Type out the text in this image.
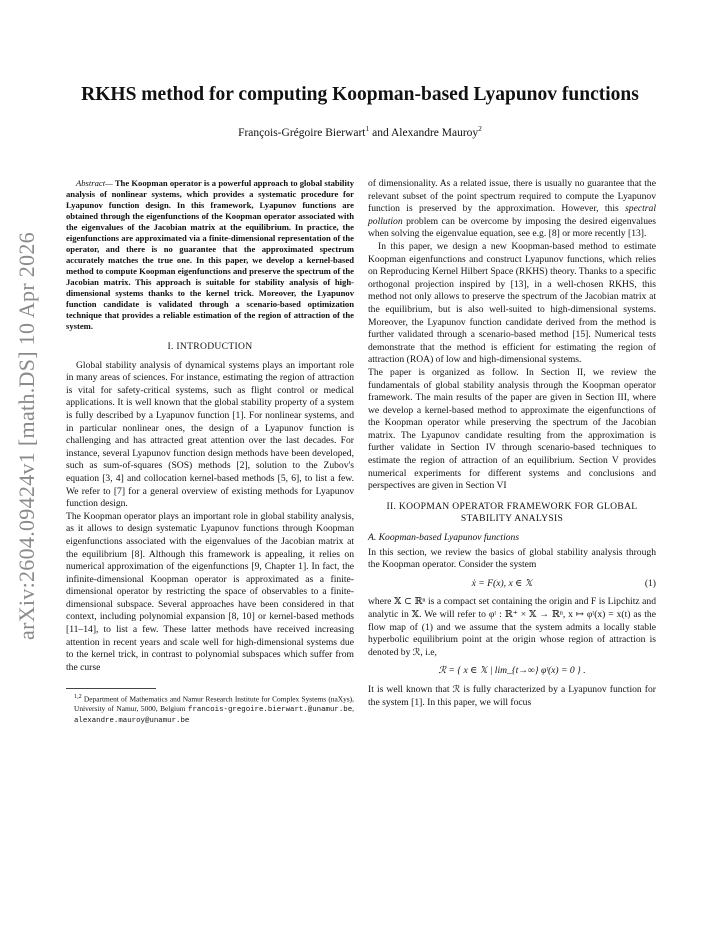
arXiv:2604.09424v1 [math.DS] 10 Apr 2026
RKHS method for computing Koopman-based Lyapunov functions
François-Grégoire Bierwart$^1$ and Alexandre Mauroy$^2$

Abstract— The Koopman operator is a powerful approach to global stability analysis of nonlinear systems, which provides a systematic procedure for Lyapunov function design. In this framework, Lyapunov functions are obtained through the eigenfunctions of the Koopman operator associated with the eigenvalues of the Jacobian matrix at the equilibrium. In practice, the eigenfunctions are approximated via a finite-dimensional representation of the operator, and there is no guarantee that the approximated spectrum accurately matches the true one. In this paper, we develop a kernel-based method to compute Koopman eigenfunctions and preserve the spectrum of the Jacobian matrix. This approach is suitable for stability analysis of high-dimensional systems thanks to the kernel trick. Moreover, the Lyapunov function candidate is validated through a scenario-based optimization technique that provides a reliable estimation of the region of attraction of the system.

I. INTRODUCTION

Global stability analysis of dynamical systems plays an important role in many areas of sciences. For instance, estimating the region of attraction is vital for safety-critical systems, such as flight control or medical applications. It is well known that the global stability property of a system is fully described by a Lyapunov function [1]. For nonlinear systems, and in particular nonlinear ones, the design of a Lyapunov function is challenging and has attracted great attention over the last decades. For instance, several Lyapunov function design methods have been developed, such as sum-of-squares (SOS) methods [2], solution to the Zubov's equation [3, 4] and collocation kernel-based methods [5, 6], to list a few. We refer to [7] for a general overview of existing methods for Lyapunov function design.

The Koopman operator plays an important role in global stability analysis, as it allows to design systematic Lyapunov functions through Koopman eigenfunctions associated with the eigenvalues of the Jacobian matrix at the equilibrium [8]. Although this framework is appealing, it relies on numerical approximation of the eigenfunctions [9, Chapter 1]. In fact, the infinite-dimensional Koopman operator is approximated as a finite-dimensional operator by restricting the space of observables to a finite-dimensional subspace. Several approaches have been considered in that context, including polynomial expansion [8, 10] or kernel-based methods [11–14], to list a few. These latter methods have received increasing attention in recent years and scale well for high-dimensional systems due to the kernel trick, in contrast to polynomial subspaces which suffer from the curse

$^{1,2}$ Department of Mathematics and Namur Research Institute for Complex Systems (naXys), University of Namur, 5000, Belgium francois-gregoire.bierwart.@unamur.be, alexandre.mauroy@unamur.be

of dimensionality. As a related issue, there is usually no guarantee that the relevant subset of the point spectrum required to compute the Lyapunov function is preserved by the approximation. However, this spectral pollution problem can be overcome by imposing the desired eigenvalues when solving the eigenvalue equation, see e.g. [8] or more recently [13].

In this paper, we design a new Koopman-based method to estimate Koopman eigenfunctions and construct Lyapunov functions, which relies on Reproducing Kernel Hilbert Space (RKHS) theory. Thanks to a specific orthogonal projection inspired by [13], in a well-chosen RKHS, this method not only allows to preserve the spectrum of the Jacobian matrix at the equilibrium, but is also well-suited to high-dimensional systems. Moreover, the Lyapunov function candidate derived from the method is further validated through a scenario-based method [15]. Numerical tests demonstrate that the method is efficient for estimating the region of attraction (ROA) of low and high-dimensional systems.

The paper is organized as follow. In Section II, we review the fundamentals of global stability analysis through the Koopman operator framework. The main results of the paper are given in Section III, where we develop a kernel-based method to approximate the eigenfunctions of the Koopman operator while preserving the spectrum of the Jacobian matrix. The Lyapunov candidate resulting from the approximation is further validate in Section IV through scenario-based techniques to estimate the region of attraction of an equilibrium. Section V provides numerical experiments for different systems and conclusions and perspectives are given in Section VI

II. KOOPMAN OPERATOR FRAMEWORK FOR GLOBAL
STABILITY ANALYSIS
A. Koopman-based Lyapunov functions

In this section, we review the basics of global stability analysis through the Koopman operator. Consider the system

ẋ = F(x), x ∈ 𝕏	(1)

where 𝕏 ⊂ ℝⁿ is a compact set containing the origin and F is Lipchitz and analytic in 𝕏. We will refer to φᵗ : ℝ⁺ × 𝕏 → ℝⁿ, x ↦ φᵗ(x) = x(t) as the flow map of (1) and we assume that the system admits a locally stable hyperbolic equilibrium point at the origin whose region of attraction is denoted by ℛ, i.e,

ℛ = { x ∈ 𝕏 | lim_{t→∞} φᵗ(x) = 0 } .

It is well known that ℛ is fully characterized by a Lyapunov function for the system [1]. In this paper, we will focus
